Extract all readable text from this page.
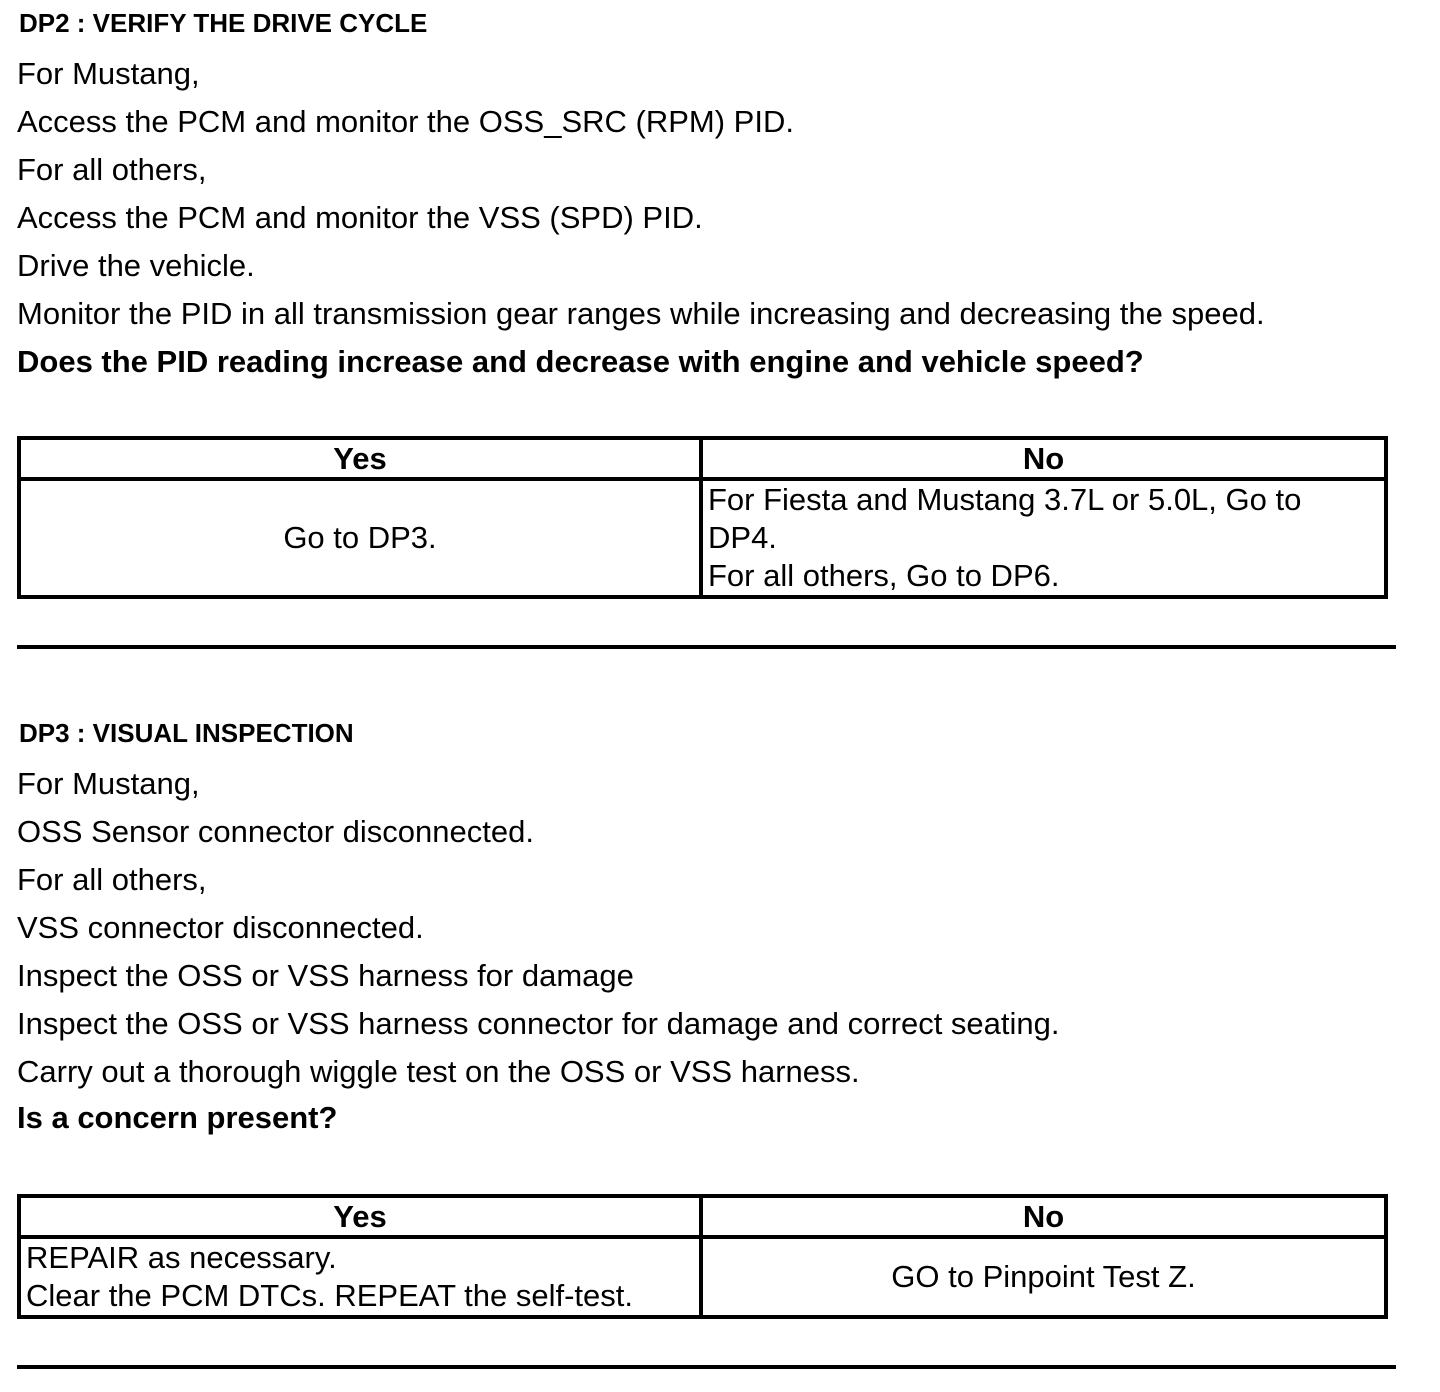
DP2 : VERIFY THE DRIVE CYCLE
For Mustang,
Access the PCM and monitor the OSS_SRC (RPM) PID.
For all others,
Access the PCM and monitor the VSS (SPD) PID.
Drive the vehicle.
Monitor the PID in all transmission gear ranges while increasing and decreasing the speed.
Does the PID reading increase and decrease with engine and vehicle speed?
Yes	No

Go to DP3.	For Fiesta and Mustang 3.7L or 5.0L, Go to
DP4.
For all others, Go to DP6.
DP3 : VISUAL INSPECTION
For Mustang,
OSS Sensor connector disconnected.
For all others,
VSS connector disconnected.
Inspect the OSS or VSS harness for damage
Inspect the OSS or VSS harness connector for damage and correct seating.
Carry out a thorough wiggle test on the OSS or VSS harness.
Is a concern present?
Yes	No

REPAIR as necessary.
Clear the PCM DTCs. REPEAT the self-test.	GO to Pinpoint Test Z.
